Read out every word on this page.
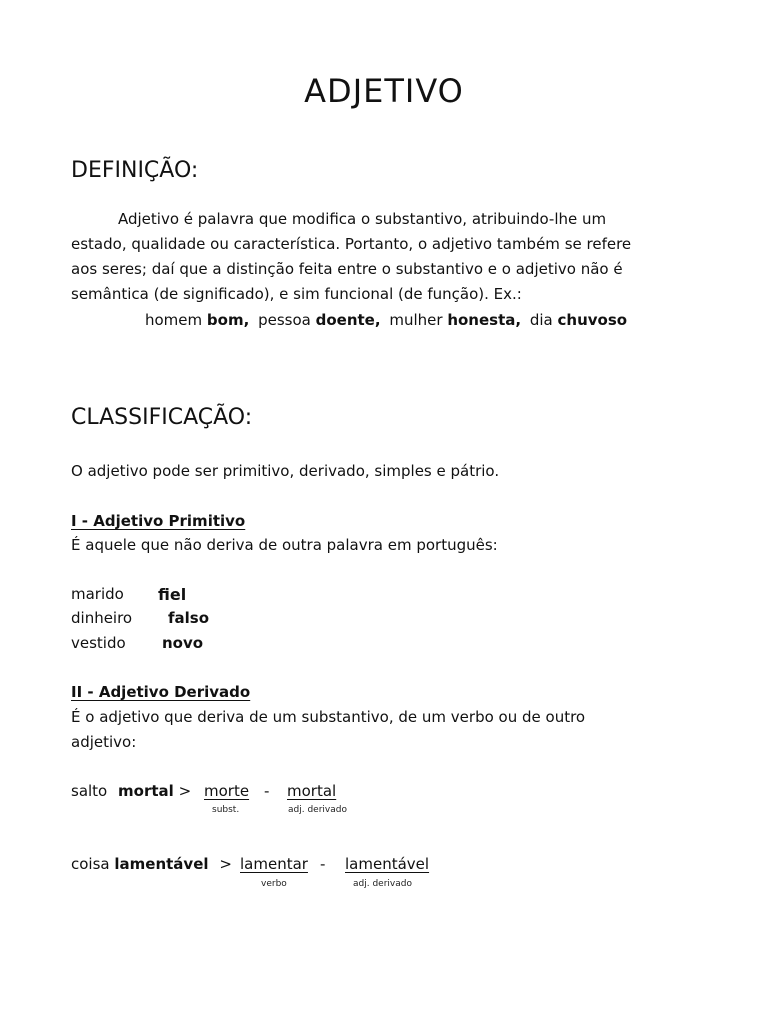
ADJETIVO
DEFINIÇÃO:
Adjetivo é palavra que modifica o substantivo, atribuindo-lhe um
estado, qualidade ou característica. Portanto, o adjetivo também se refere
aos seres; daí que a distinção feita entre o substantivo e o adjetivo não é
semântica (de significado), e sim funcional (de função). Ex.:
homem bom, pessoa doente, mulher honesta, dia chuvoso
CLASSIFICAÇÃO:
O adjetivo pode ser primitivo, derivado, simples e pátrio.
I - Adjetivo Primitivo
É aquele que não deriva de outra palavra em português:
marido fiel
dinheiro falso
vestido novo
II - Adjetivo Derivado
É o adjetivo que deriva de um substantivo, de um verbo ou de outro
adjetivo:
salto mortal > morte - mortal
subst.	adj. derivado
coisa lamentável > lamentar - lamentável
verbo	adj. derivado
